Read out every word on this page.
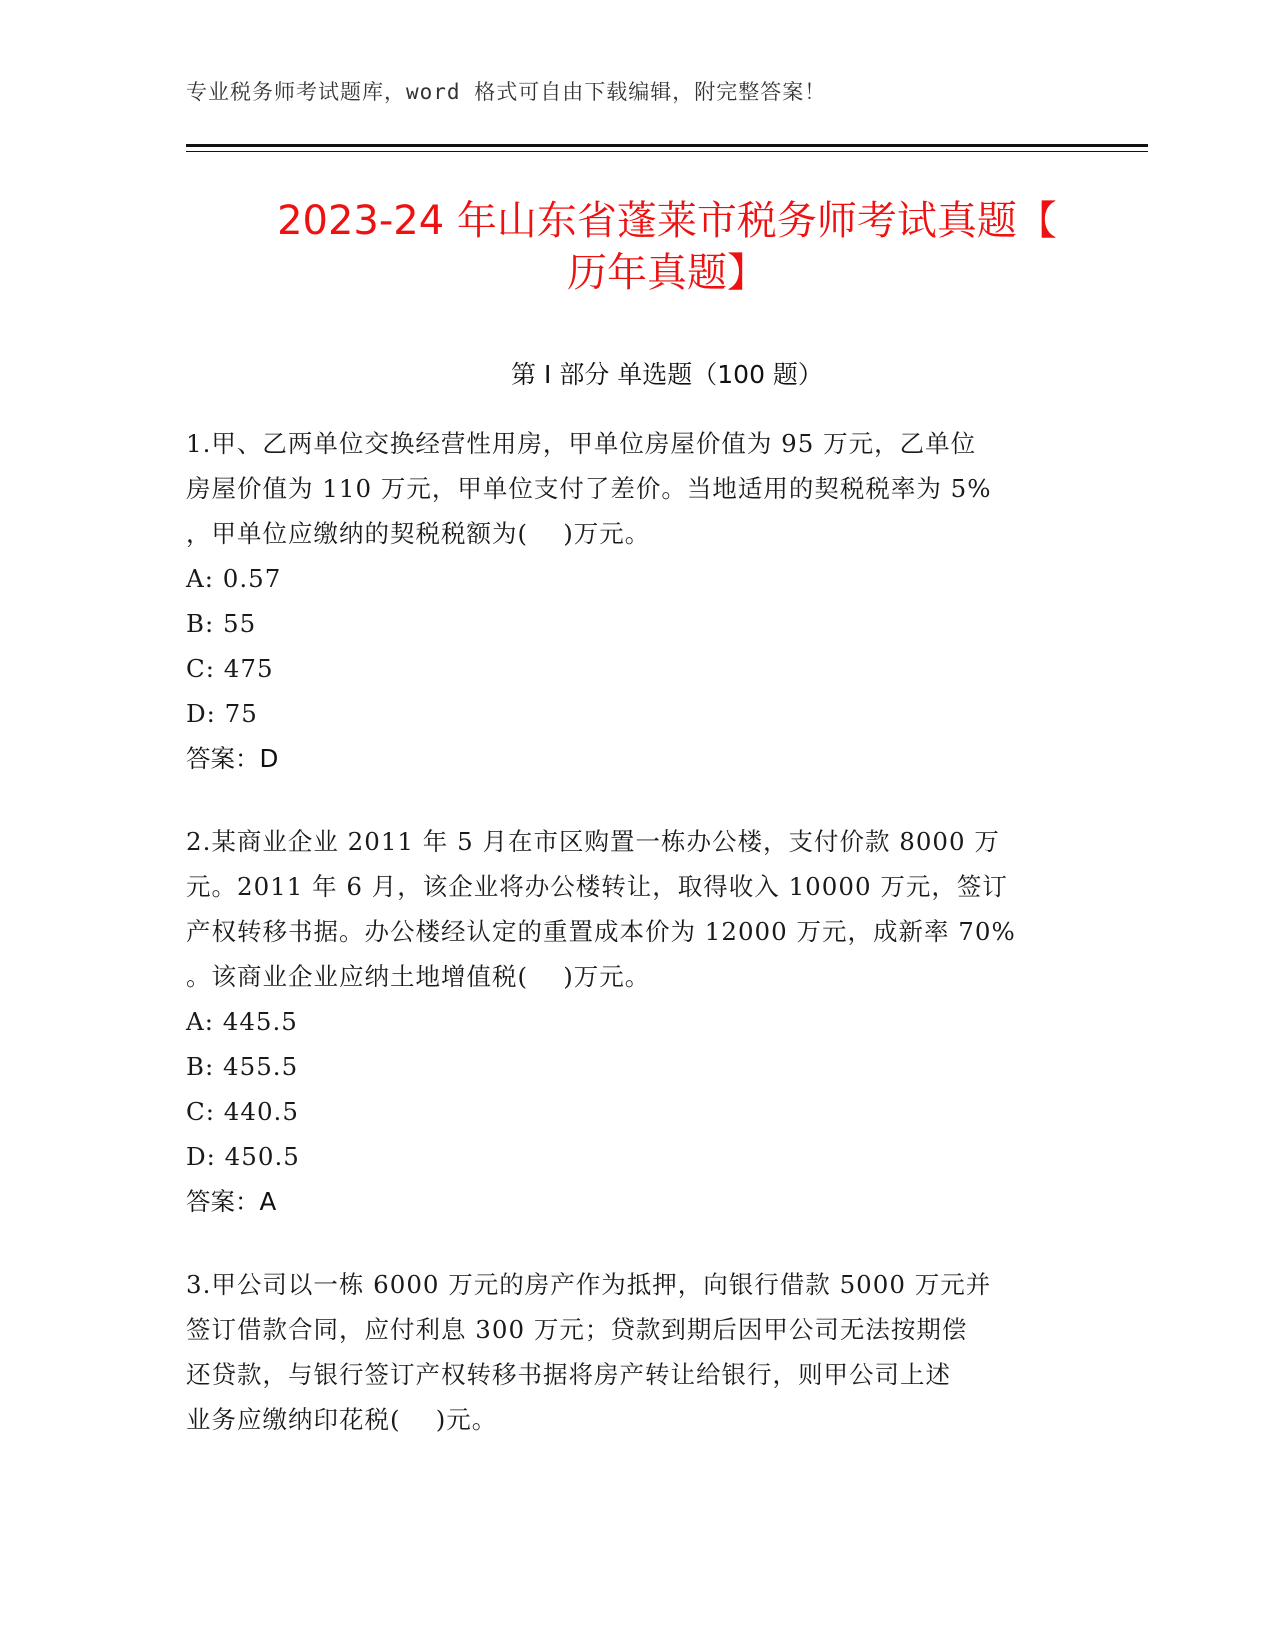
专业税务师考试题库，word 格式可自由下载编辑，附完整答案！
2023-24 年山东省蓬莱市税务师考试真题【
历年真题】
第 I 部分 单选题（100 题）

1.甲、乙两单位交换经营性用房，甲单位房屋价值为 95 万元，乙单位

房屋价值为 110 万元，甲单位支付了差价。当地适用的契税税率为 5%

，甲单位应缴纳的契税税额为(    )万元。

A: 0.57

B: 55

C: 475

D: 75

答案：D

2.某商业企业 2011 年 5 月在市区购置一栋办公楼，支付价款 8000 万

元。2011 年 6 月，该企业将办公楼转让，取得收入 10000 万元，签订

产权转移书据。办公楼经认定的重置成本价为 12000 万元，成新率 70%

。该商业企业应纳土地增值税(    )万元。

A: 445.5

B: 455.5

C: 440.5

D: 450.5

答案：A

3.甲公司以一栋 6000 万元的房产作为抵押，向银行借款 5000 万元并

签订借款合同，应付利息 300 万元；贷款到期后因甲公司无法按期偿

还贷款，与银行签订产权转移书据将房产转让给银行，则甲公司上述

业务应缴纳印花税(    )元。
